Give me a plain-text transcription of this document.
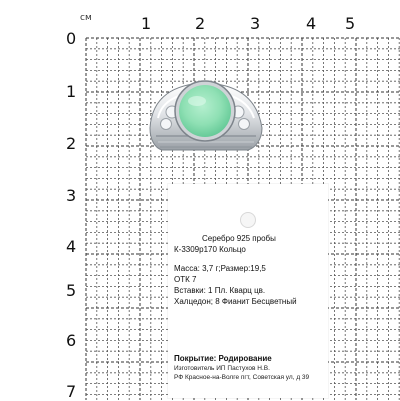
см	1	2	3	4 5
0
1
2
3
4
5
6
7
Серебро 925 пробы
К-3309р170 Кольцо
Масса: 3,7 г;Размер:19,5
ОТК 7
Вставки: 1 Пл. Кварц цв.
Халцедон; 8 Фианит Бесцветный
Покрытие: Родирование
Изготовитель ИП Пастухов Н.В.
РФ Красное-на-Волге пгт, Советская ул, д 39
